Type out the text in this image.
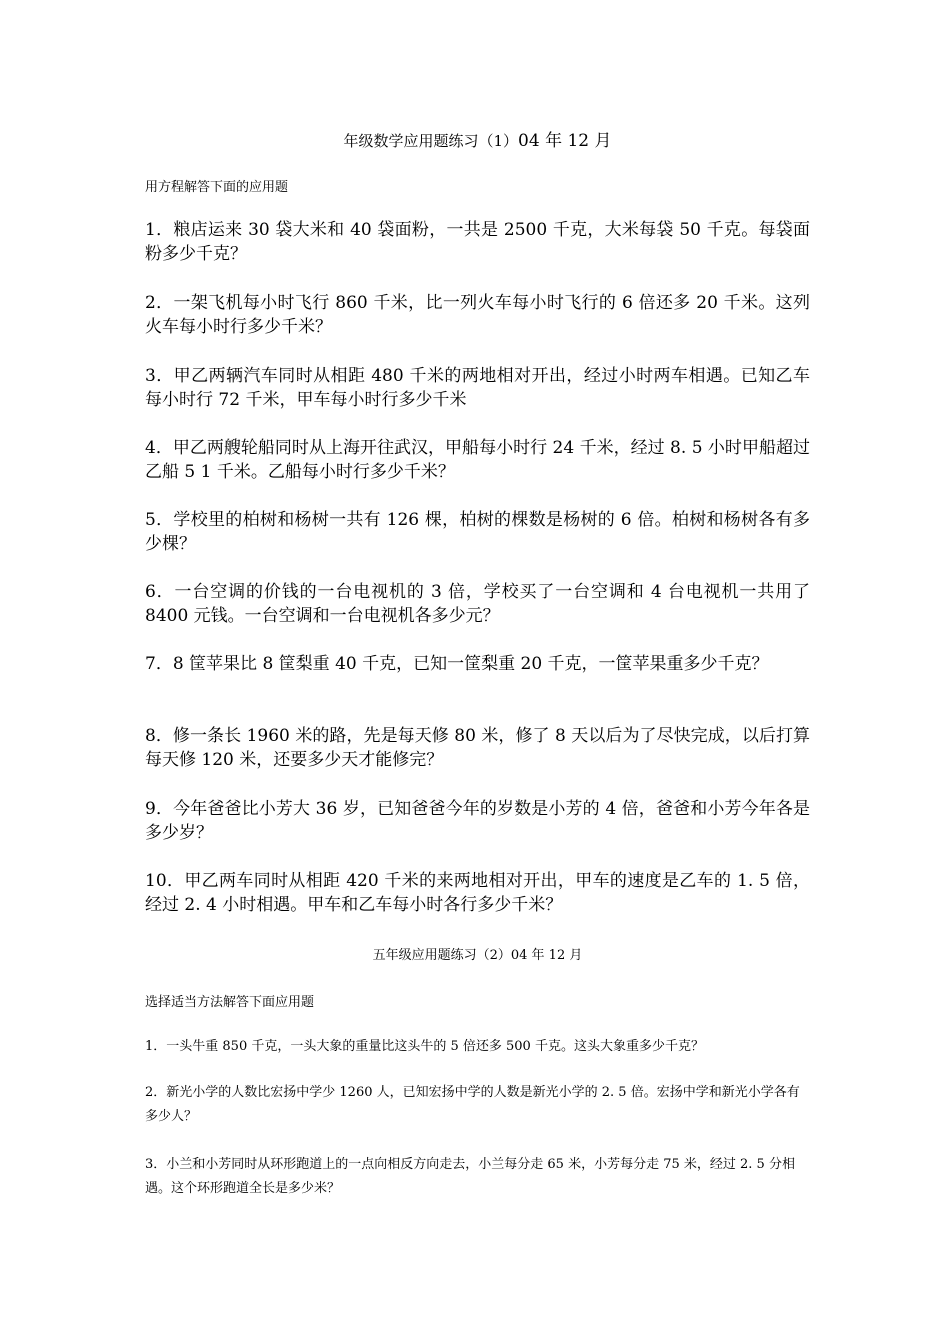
年级数学应用题练习（1）04 年 12 月
用方程解答下面的应用题
1．粮店运来 30 袋大米和 40 袋面粉，一共是 2500 千克，大米每袋 50 千克。每袋面粉多少千克？
2．一架飞机每小时飞行 860 千米，比一列火车每小时飞行的 6 倍还多 20 千米。这列火车每小时行多少千米？
3．甲乙两辆汽车同时从相距 480 千米的两地相对开出，经过小时两车相遇。已知乙车每小时行 72 千米，甲车每小时行多少千米
4．甲乙两艘轮船同时从上海开往武汉，甲船每小时行 24 千米，经过 8. 5 小时甲船超过乙船 5 1 千米。乙船每小时行多少千米？
5．学校里的柏树和杨树一共有 126 棵，柏树的棵数是杨树的 6 倍。柏树和杨树各有多少棵？
6．一台空调的价钱的一台电视机的 3 倍，学校买了一台空调和 4 台电视机一共用了 8400 元钱。一台空调和一台电视机各多少元？
7．8 筐苹果比 8 筐梨重 40 千克，已知一筐梨重 20 千克，一筐苹果重多少千克？
8．修一条长 1960 米的路，先是每天修 80 米，修了 8 天以后为了尽快完成，以后打算每天修 120 米，还要多少天才能修完？
9．今年爸爸比小芳大 36 岁，已知爸爸今年的岁数是小芳的 4 倍，爸爸和小芳今年各是多少岁？
10．甲乙两车同时从相距 420 千米的来两地相对开出，甲车的速度是乙车的 1. 5 倍，经过 2. 4 小时相遇。甲车和乙车每小时各行多少千米？
五年级应用题练习（2）04 年 12 月
选择适当方法解答下面应用题
1．一头牛重 850 千克，一头大象的重量比这头牛的 5 倍还多 500 千克。这头大象重多少千克？
2．新光小学的人数比宏扬中学少 1260 人，已知宏扬中学的人数是新光小学的 2. 5 倍。宏扬中学和新光小学各有多少人？
3．小兰和小芳同时从环形跑道上的一点向相反方向走去，小兰每分走 65 米，小芳每分走 75 米，经过 2. 5 分相遇。这个环形跑道全长是多少米？
